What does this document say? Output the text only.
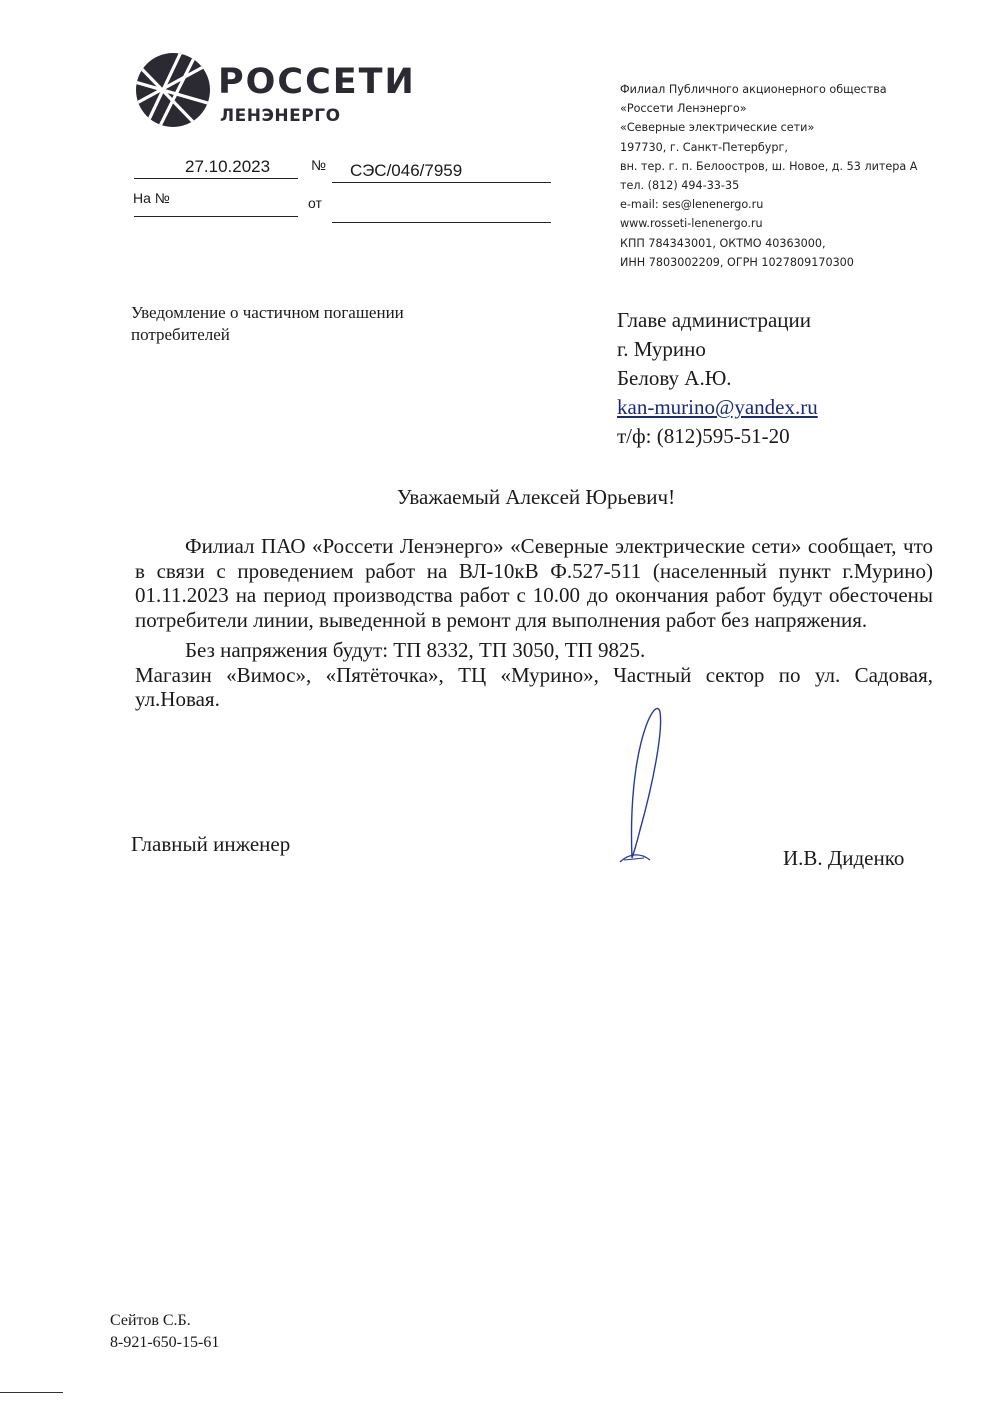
РОССЕТИ
ЛЕНЭНЕРГО
27.10.2023	№ СЭС/046/7959
На №	от
Филиал Публичного акционерного общества
«Россети Ленэнерго»
«Северные электрические сети»
197730, г. Санкт-Петербург,
вн. тер. г. п. Белоостров, ш. Новое, д. 53 литера А
тел. (812) 494-33-35
e-mail: ses@lenenergo.ru
www.rosseti-lenenergo.ru
КПП 784343001, ОКТМО 40363000,
ИНН 7803002209, ОГРН 1027809170300
Уведомление о частичном погашении потребителей
Главе администрации
г. Мурино
Белову А.Ю.
kan-murino@yandex.ru
т/ф: (812)595-51-20
Уважаемый Алексей Юрьевич!

Филиал ПАО «Россети Ленэнерго» «Северные электрические сети» сообщает, что в связи с проведением работ на ВЛ-10кВ Ф.527-511 (населенный пункт г.Мурино) 01.11.2023 на период производства работ с 10.00 до окончания работ будут обесточены потребители линии, выведенной в ремонт для выполнения работ без напряжения.

Без напряжения будут: ТП 8332, ТП 3050, ТП 9825.

Магазин «Вимос», «Пятёточка», ТЦ «Мурино», Частный сектор по ул. Садовая, ул.Новая.

Главный инженер
И.В. Диденко
Сейтов С.Б.
8-921-650-15-61
